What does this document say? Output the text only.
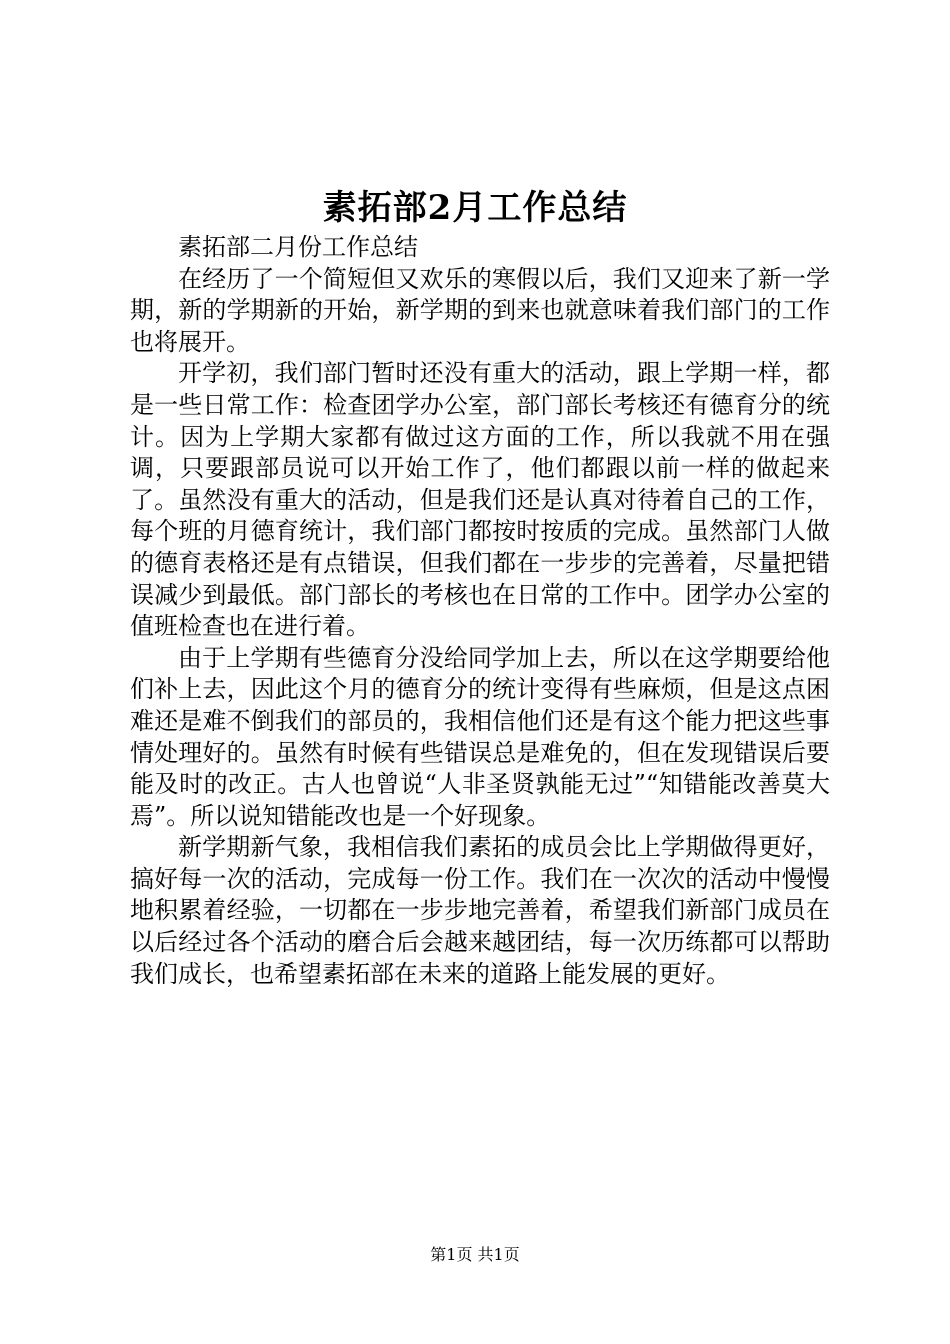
素拓部2月工作总结

素拓部二月份工作总结

在经历了一个简短但又欢乐的寒假以后，我们又迎来了新一学期，新的学期新的开始，新学期的到来也就意味着我们部门的工作也将展开。

开学初，我们部门暂时还没有重大的活动，跟上学期一样，都是一些日常工作：检查团学办公室，部门部长考核还有德育分的统计。因为上学期大家都有做过这方面的工作，所以我就不用在强调，只要跟部员说可以开始工作了，他们都跟以前一样的做起来了。虽然没有重大的活动，但是我们还是认真对待着自己的工作，每个班的月德育统计，我们部门都按时按质的完成。虽然部门人做的德育表格还是有点错误，但我们都在一步步的完善着，尽量把错误减少到最低。部门部长的考核也在日常的工作中。团学办公室的值班检查也在进行着。

由于上学期有些德育分没给同学加上去，所以在这学期要给他们补上去，因此这个月的德育分的统计变得有些麻烦，但是这点困难还是难不倒我们的部员的，我相信他们还是有这个能力把这些事情处理好的。虽然有时候有些错误总是难免的，但在发现错误后要能及时的改正。古人也曾说“人非圣贤孰能无过”“知错能改善莫大焉”。所以说知错能改也是一个好现象。

新学期新气象，我相信我们素拓的成员会比上学期做得更好，搞好每一次的活动，完成每一份工作。我们在一次次的活动中慢慢地积累着经验，一切都在一步步地完善着，希望我们新部门成员在以后经过各个活动的磨合后会越来越团结，每一次历练都可以帮助我们成长，也希望素拓部在未来的道路上能发展的更好。

第1页 共1页
